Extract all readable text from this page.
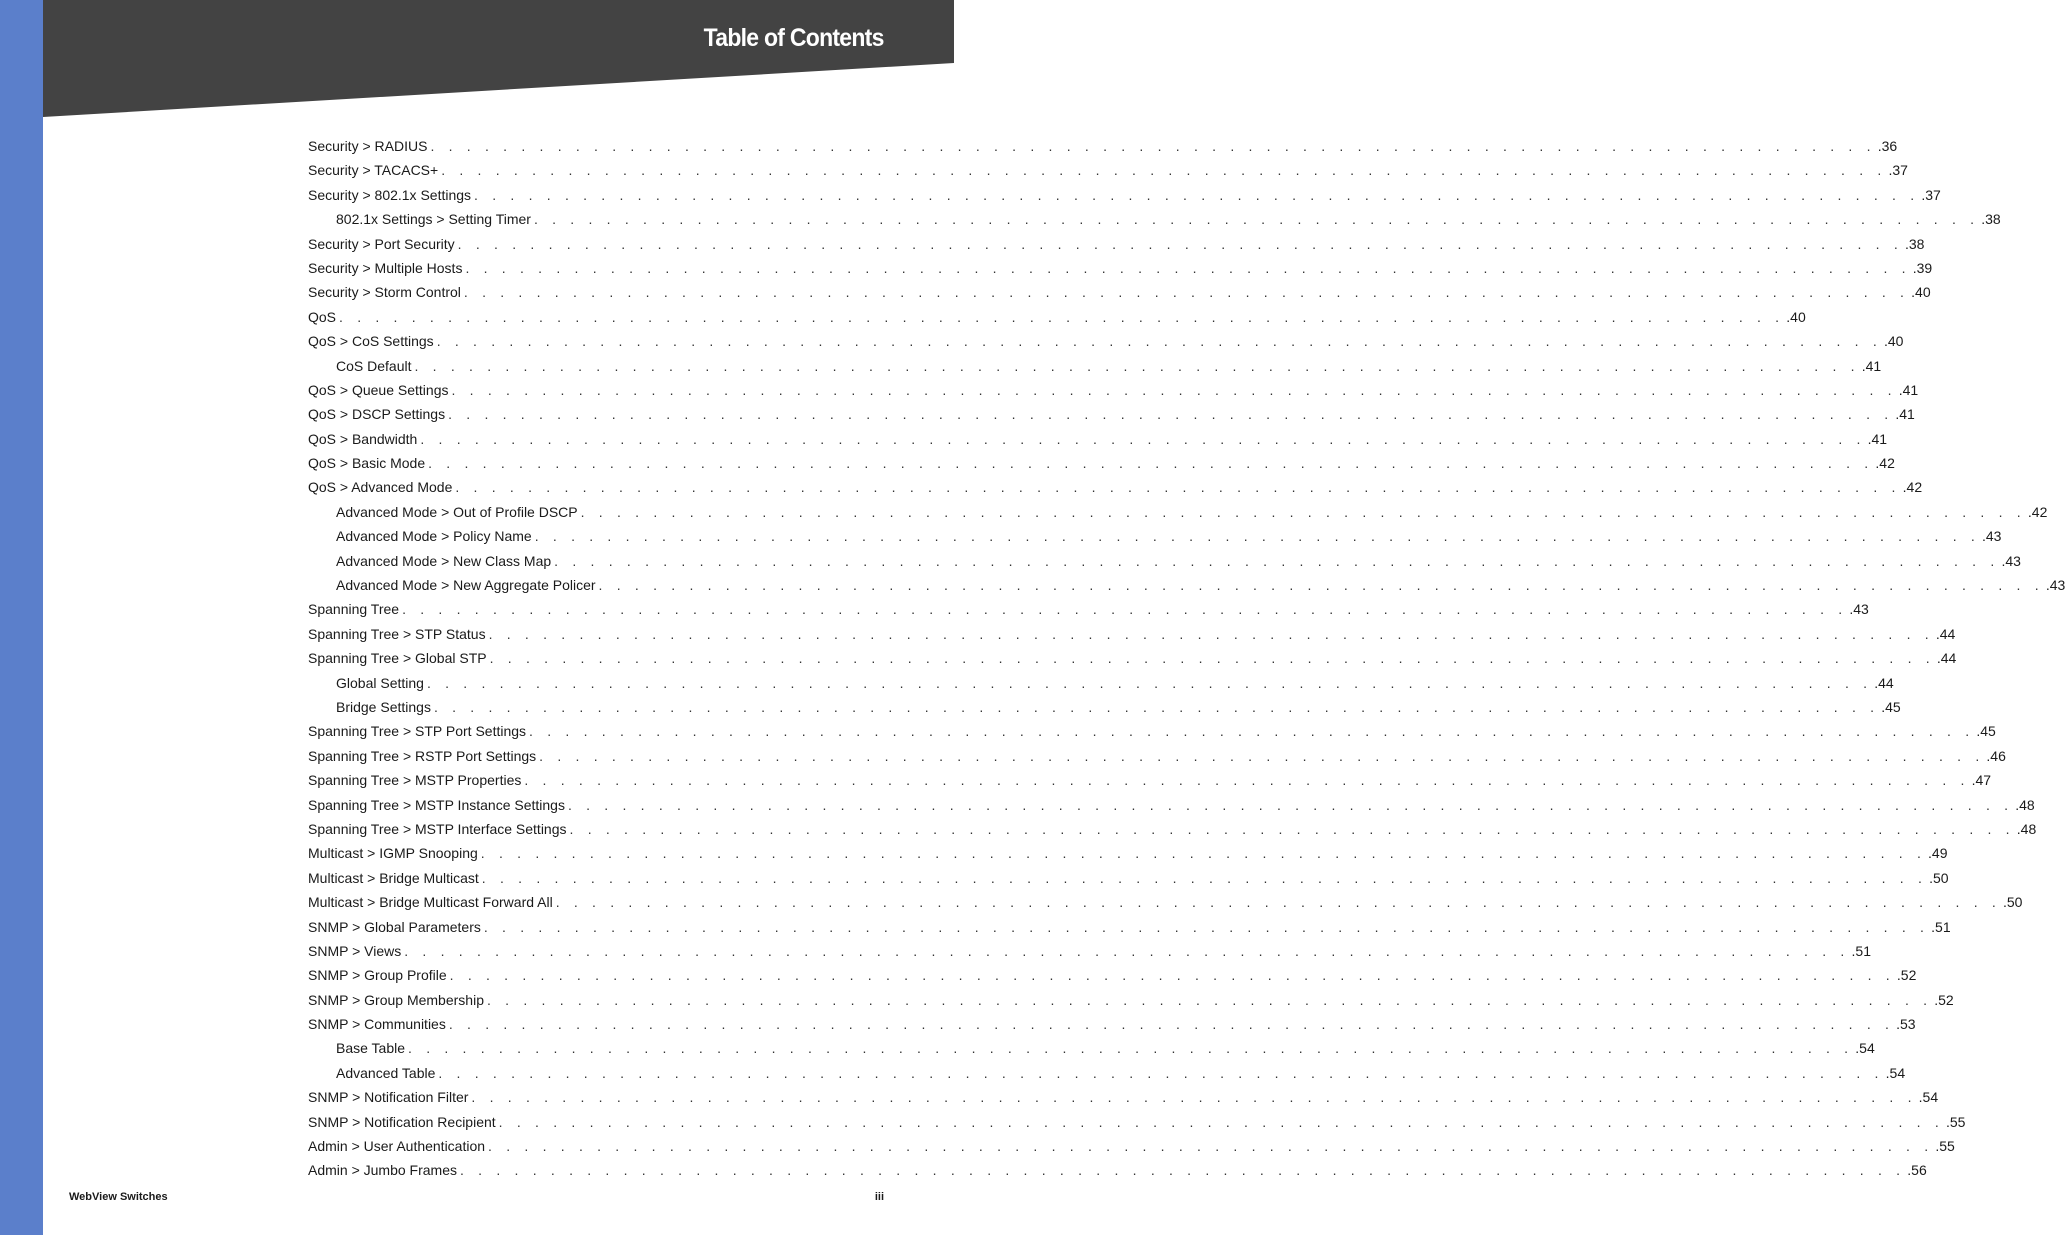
Table of Contents
Security > RADIUS . . . . . . . . . . . . . . . . . . . . . . . . . . . . . . . . . . . . . . . . . . . . . . . . . . . . . . . . . . . . . . . . . . . . . . . . . . . . . . . . .36
Security > TACACS+ . . . . . . . . . . . . . . . . . . . . . . . . . . . . . . . . . . . . . . . . . . . . . . . . . . . . . . . . . . . . . . . . . . . . . . . . . . . . . . . . .37
Security > 802.1x Settings . . . . . . . . . . . . . . . . . . . . . . . . . . . . . . . . . . . . . . . . . . . . . . . . . . . . . . . . . . . . . . . . . . . . . . . . . . . . . . . . .37
802.1x Settings > Setting Timer . . . . . . . . . . . . . . . . . . . . . . . . . . . . . . . . . . . . . . . . . . . . . . . . . . . . . . . . . . . . . . . . . . . . . . . . . . . . . . . . .38
Security > Port Security . . . . . . . . . . . . . . . . . . . . . . . . . . . . . . . . . . . . . . . . . . . . . . . . . . . . . . . . . . . . . . . . . . . . . . . . . . . . . . . . .38
Security > Multiple Hosts . . . . . . . . . . . . . . . . . . . . . . . . . . . . . . . . . . . . . . . . . . . . . . . . . . . . . . . . . . . . . . . . . . . . . . . . . . . . . . . . .39
Security > Storm Control . . . . . . . . . . . . . . . . . . . . . . . . . . . . . . . . . . . . . . . . . . . . . . . . . . . . . . . . . . . . . . . . . . . . . . . . . . . . . . . . .40
QoS . . . . . . . . . . . . . . . . . . . . . . . . . . . . . . . . . . . . . . . . . . . . . . . . . . . . . . . . . . . . . . . . . . . . . . . . . . . . . . . . .40
QoS > CoS Settings . . . . . . . . . . . . . . . . . . . . . . . . . . . . . . . . . . . . . . . . . . . . . . . . . . . . . . . . . . . . . . . . . . . . . . . . . . . . . . . . .40
CoS Default . . . . . . . . . . . . . . . . . . . . . . . . . . . . . . . . . . . . . . . . . . . . . . . . . . . . . . . . . . . . . . . . . . . . . . . . . . . . . . . . .41
QoS > Queue Settings . . . . . . . . . . . . . . . . . . . . . . . . . . . . . . . . . . . . . . . . . . . . . . . . . . . . . . . . . . . . . . . . . . . . . . . . . . . . . . . . .41
QoS > DSCP Settings . . . . . . . . . . . . . . . . . . . . . . . . . . . . . . . . . . . . . . . . . . . . . . . . . . . . . . . . . . . . . . . . . . . . . . . . . . . . . . . . .41
QoS > Bandwidth . . . . . . . . . . . . . . . . . . . . . . . . . . . . . . . . . . . . . . . . . . . . . . . . . . . . . . . . . . . . . . . . . . . . . . . . . . . . . . . . .41
QoS > Basic Mode . . . . . . . . . . . . . . . . . . . . . . . . . . . . . . . . . . . . . . . . . . . . . . . . . . . . . . . . . . . . . . . . . . . . . . . . . . . . . . . . .42
QoS > Advanced Mode . . . . . . . . . . . . . . . . . . . . . . . . . . . . . . . . . . . . . . . . . . . . . . . . . . . . . . . . . . . . . . . . . . . . . . . . . . . . . . . . .42
Advanced Mode > Out of Profile DSCP . . . . . . . . . . . . . . . . . . . . . . . . . . . . . . . . . . . . . . . . . . . . . . . . . . . . . . . . . . . . . . . . . . . . . . . . . . . . . . . . .42
Advanced Mode > Policy Name . . . . . . . . . . . . . . . . . . . . . . . . . . . . . . . . . . . . . . . . . . . . . . . . . . . . . . . . . . . . . . . . . . . . . . . . . . . . . . . . .43
Advanced Mode > New Class Map . . . . . . . . . . . . . . . . . . . . . . . . . . . . . . . . . . . . . . . . . . . . . . . . . . . . . . . . . . . . . . . . . . . . . . . . . . . . . . . . .43
Advanced Mode > New Aggregate Policer . . . . . . . . . . . . . . . . . . . . . . . . . . . . . . . . . . . . . . . . . . . . . . . . . . . . . . . . . . . . . . . . . . . . . . . . . . . . . . . . .43
Spanning Tree . . . . . . . . . . . . . . . . . . . . . . . . . . . . . . . . . . . . . . . . . . . . . . . . . . . . . . . . . . . . . . . . . . . . . . . . . . . . . . . . .43
Spanning Tree > STP Status . . . . . . . . . . . . . . . . . . . . . . . . . . . . . . . . . . . . . . . . . . . . . . . . . . . . . . . . . . . . . . . . . . . . . . . . . . . . . . . . .44
Spanning Tree > Global STP . . . . . . . . . . . . . . . . . . . . . . . . . . . . . . . . . . . . . . . . . . . . . . . . . . . . . . . . . . . . . . . . . . . . . . . . . . . . . . . . .44
Global Setting . . . . . . . . . . . . . . . . . . . . . . . . . . . . . . . . . . . . . . . . . . . . . . . . . . . . . . . . . . . . . . . . . . . . . . . . . . . . . . . . .44
Bridge Settings . . . . . . . . . . . . . . . . . . . . . . . . . . . . . . . . . . . . . . . . . . . . . . . . . . . . . . . . . . . . . . . . . . . . . . . . . . . . . . . . .45
Spanning Tree > STP Port Settings . . . . . . . . . . . . . . . . . . . . . . . . . . . . . . . . . . . . . . . . . . . . . . . . . . . . . . . . . . . . . . . . . . . . . . . . . . . . . . . . .45
Spanning Tree > RSTP Port Settings . . . . . . . . . . . . . . . . . . . . . . . . . . . . . . . . . . . . . . . . . . . . . . . . . . . . . . . . . . . . . . . . . . . . . . . . . . . . . . . . .46
Spanning Tree > MSTP Properties . . . . . . . . . . . . . . . . . . . . . . . . . . . . . . . . . . . . . . . . . . . . . . . . . . . . . . . . . . . . . . . . . . . . . . . . . . . . . . . . .47
Spanning Tree > MSTP Instance Settings . . . . . . . . . . . . . . . . . . . . . . . . . . . . . . . . . . . . . . . . . . . . . . . . . . . . . . . . . . . . . . . . . . . . . . . . . . . . . . . . .48
Spanning Tree > MSTP Interface Settings . . . . . . . . . . . . . . . . . . . . . . . . . . . . . . . . . . . . . . . . . . . . . . . . . . . . . . . . . . . . . . . . . . . . . . . . . . . . . . . . .48
Multicast > IGMP Snooping . . . . . . . . . . . . . . . . . . . . . . . . . . . . . . . . . . . . . . . . . . . . . . . . . . . . . . . . . . . . . . . . . . . . . . . . . . . . . . . . .49
Multicast > Bridge Multicast . . . . . . . . . . . . . . . . . . . . . . . . . . . . . . . . . . . . . . . . . . . . . . . . . . . . . . . . . . . . . . . . . . . . . . . . . . . . . . . . .50
Multicast > Bridge Multicast Forward All . . . . . . . . . . . . . . . . . . . . . . . . . . . . . . . . . . . . . . . . . . . . . . . . . . . . . . . . . . . . . . . . . . . . . . . . . . . . . . . . .50
SNMP > Global Parameters . . . . . . . . . . . . . . . . . . . . . . . . . . . . . . . . . . . . . . . . . . . . . . . . . . . . . . . . . . . . . . . . . . . . . . . . . . . . . . . . .51
SNMP > Views . . . . . . . . . . . . . . . . . . . . . . . . . . . . . . . . . . . . . . . . . . . . . . . . . . . . . . . . . . . . . . . . . . . . . . . . . . . . . . . . .51
SNMP > Group Profile . . . . . . . . . . . . . . . . . . . . . . . . . . . . . . . . . . . . . . . . . . . . . . . . . . . . . . . . . . . . . . . . . . . . . . . . . . . . . . . . .52
SNMP > Group Membership . . . . . . . . . . . . . . . . . . . . . . . . . . . . . . . . . . . . . . . . . . . . . . . . . . . . . . . . . . . . . . . . . . . . . . . . . . . . . . . . .52
SNMP > Communities . . . . . . . . . . . . . . . . . . . . . . . . . . . . . . . . . . . . . . . . . . . . . . . . . . . . . . . . . . . . . . . . . . . . . . . . . . . . . . . . .53
Base Table . . . . . . . . . . . . . . . . . . . . . . . . . . . . . . . . . . . . . . . . . . . . . . . . . . . . . . . . . . . . . . . . . . . . . . . . . . . . . . . . .54
Advanced Table . . . . . . . . . . . . . . . . . . . . . . . . . . . . . . . . . . . . . . . . . . . . . . . . . . . . . . . . . . . . . . . . . . . . . . . . . . . . . . . . .54
SNMP > Notification Filter . . . . . . . . . . . . . . . . . . . . . . . . . . . . . . . . . . . . . . . . . . . . . . . . . . . . . . . . . . . . . . . . . . . . . . . . . . . . . . . . .54
SNMP > Notification Recipient . . . . . . . . . . . . . . . . . . . . . . . . . . . . . . . . . . . . . . . . . . . . . . . . . . . . . . . . . . . . . . . . . . . . . . . . . . . . . . . . .55
Admin > User Authentication . . . . . . . . . . . . . . . . . . . . . . . . . . . . . . . . . . . . . . . . . . . . . . . . . . . . . . . . . . . . . . . . . . . . . . . . . . . . . . . . .55
Admin > Jumbo Frames . . . . . . . . . . . . . . . . . . . . . . . . . . . . . . . . . . . . . . . . . . . . . . . . . . . . . . . . . . . . . . . . . . . . . . . . . . . . . . . . .56
WebView Switches	iii
